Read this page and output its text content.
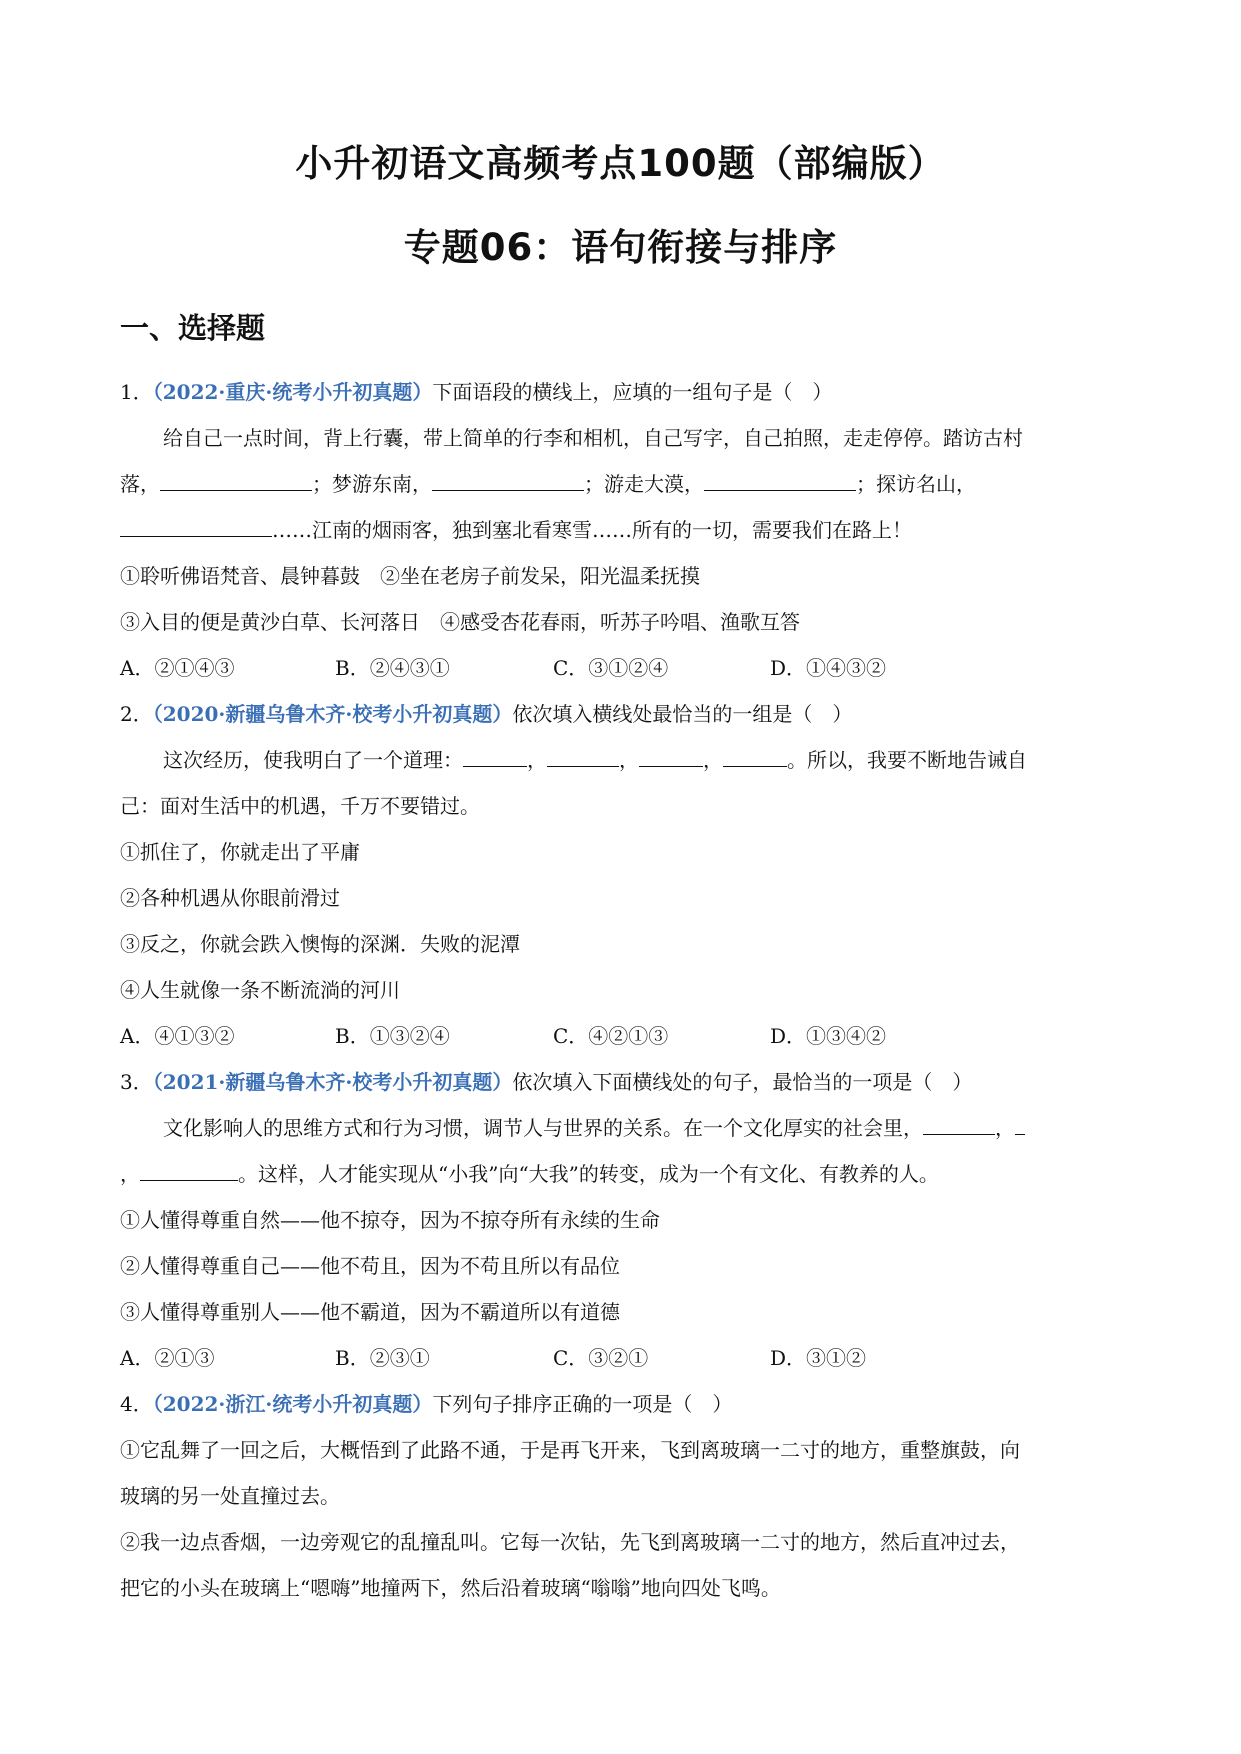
小升初语文高频考点100题（部编版）
专题06：语句衔接与排序
一、选择题
1．（2022·重庆·统考小升初真题）下面语段的横线上，应填的一组句子是（　）
给自己一点时间，背上行囊，带上简单的行李和相机，自己写字，自己拍照，走走停停。踏访古村
落，	；梦游东南，	；游走大漠，	；探访名山，
……江南的烟雨客，独到塞北看寒雪……所有的一切，需要我们在路上！
①聆听佛语梵音、晨钟暮鼓　②坐在老房子前发呆，阳光温柔抚摸
③入目的便是黄沙白草、长河落日　④感受杏花春雨，听苏子吟唱、渔歌互答
A．②①④③	B．②④③①	C．③①②④	D．①④③②
2．（2020·新疆乌鲁木齐·校考小升初真题）依次填入横线处最恰当的一组是（　）
这次经历，使我明白了一个道理：	，	，	，	。所以，我要不断地告诫自
己：面对生活中的机遇，千万不要错过。
①抓住了，你就走出了平庸
②各种机遇从你眼前滑过
③反之，你就会跌入懊悔的深渊．失败的泥潭
④人生就像一条不断流淌的河川
A．④①③②	B．①③②④	C．④②①③	D．①③④②
3．（2021·新疆乌鲁木齐·校考小升初真题）依次填入下面横线处的句子，最恰当的一项是（　）
文化影响人的思维方式和行为习惯，调节人与世界的关系。在一个文化厚实的社会里，	，
，	。这样，人才能实现从“小我”向“大我”的转变，成为一个有文化、有教养的人。
①人懂得尊重自然——他不掠夺，因为不掠夺所有永续的生命
②人懂得尊重自己——他不苟且，因为不苟且所以有品位
③人懂得尊重别人——他不霸道，因为不霸道所以有道德
A．②①③	B．②③①	C．③②①	D．③①②
4．（2022·浙江·统考小升初真题）下列句子排序正确的一项是（　）
①它乱舞了一回之后，大概悟到了此路不通，于是再飞开来，飞到离玻璃一二寸的地方，重整旗鼓，向
玻璃的另一处直撞过去。
②我一边点香烟，一边旁观它的乱撞乱叫。它每一次钻，先飞到离玻璃一二寸的地方，然后直冲过去，
把它的小头在玻璃上“嗯嗨”地撞两下，然后沿着玻璃“嗡嗡”地向四处飞鸣。
